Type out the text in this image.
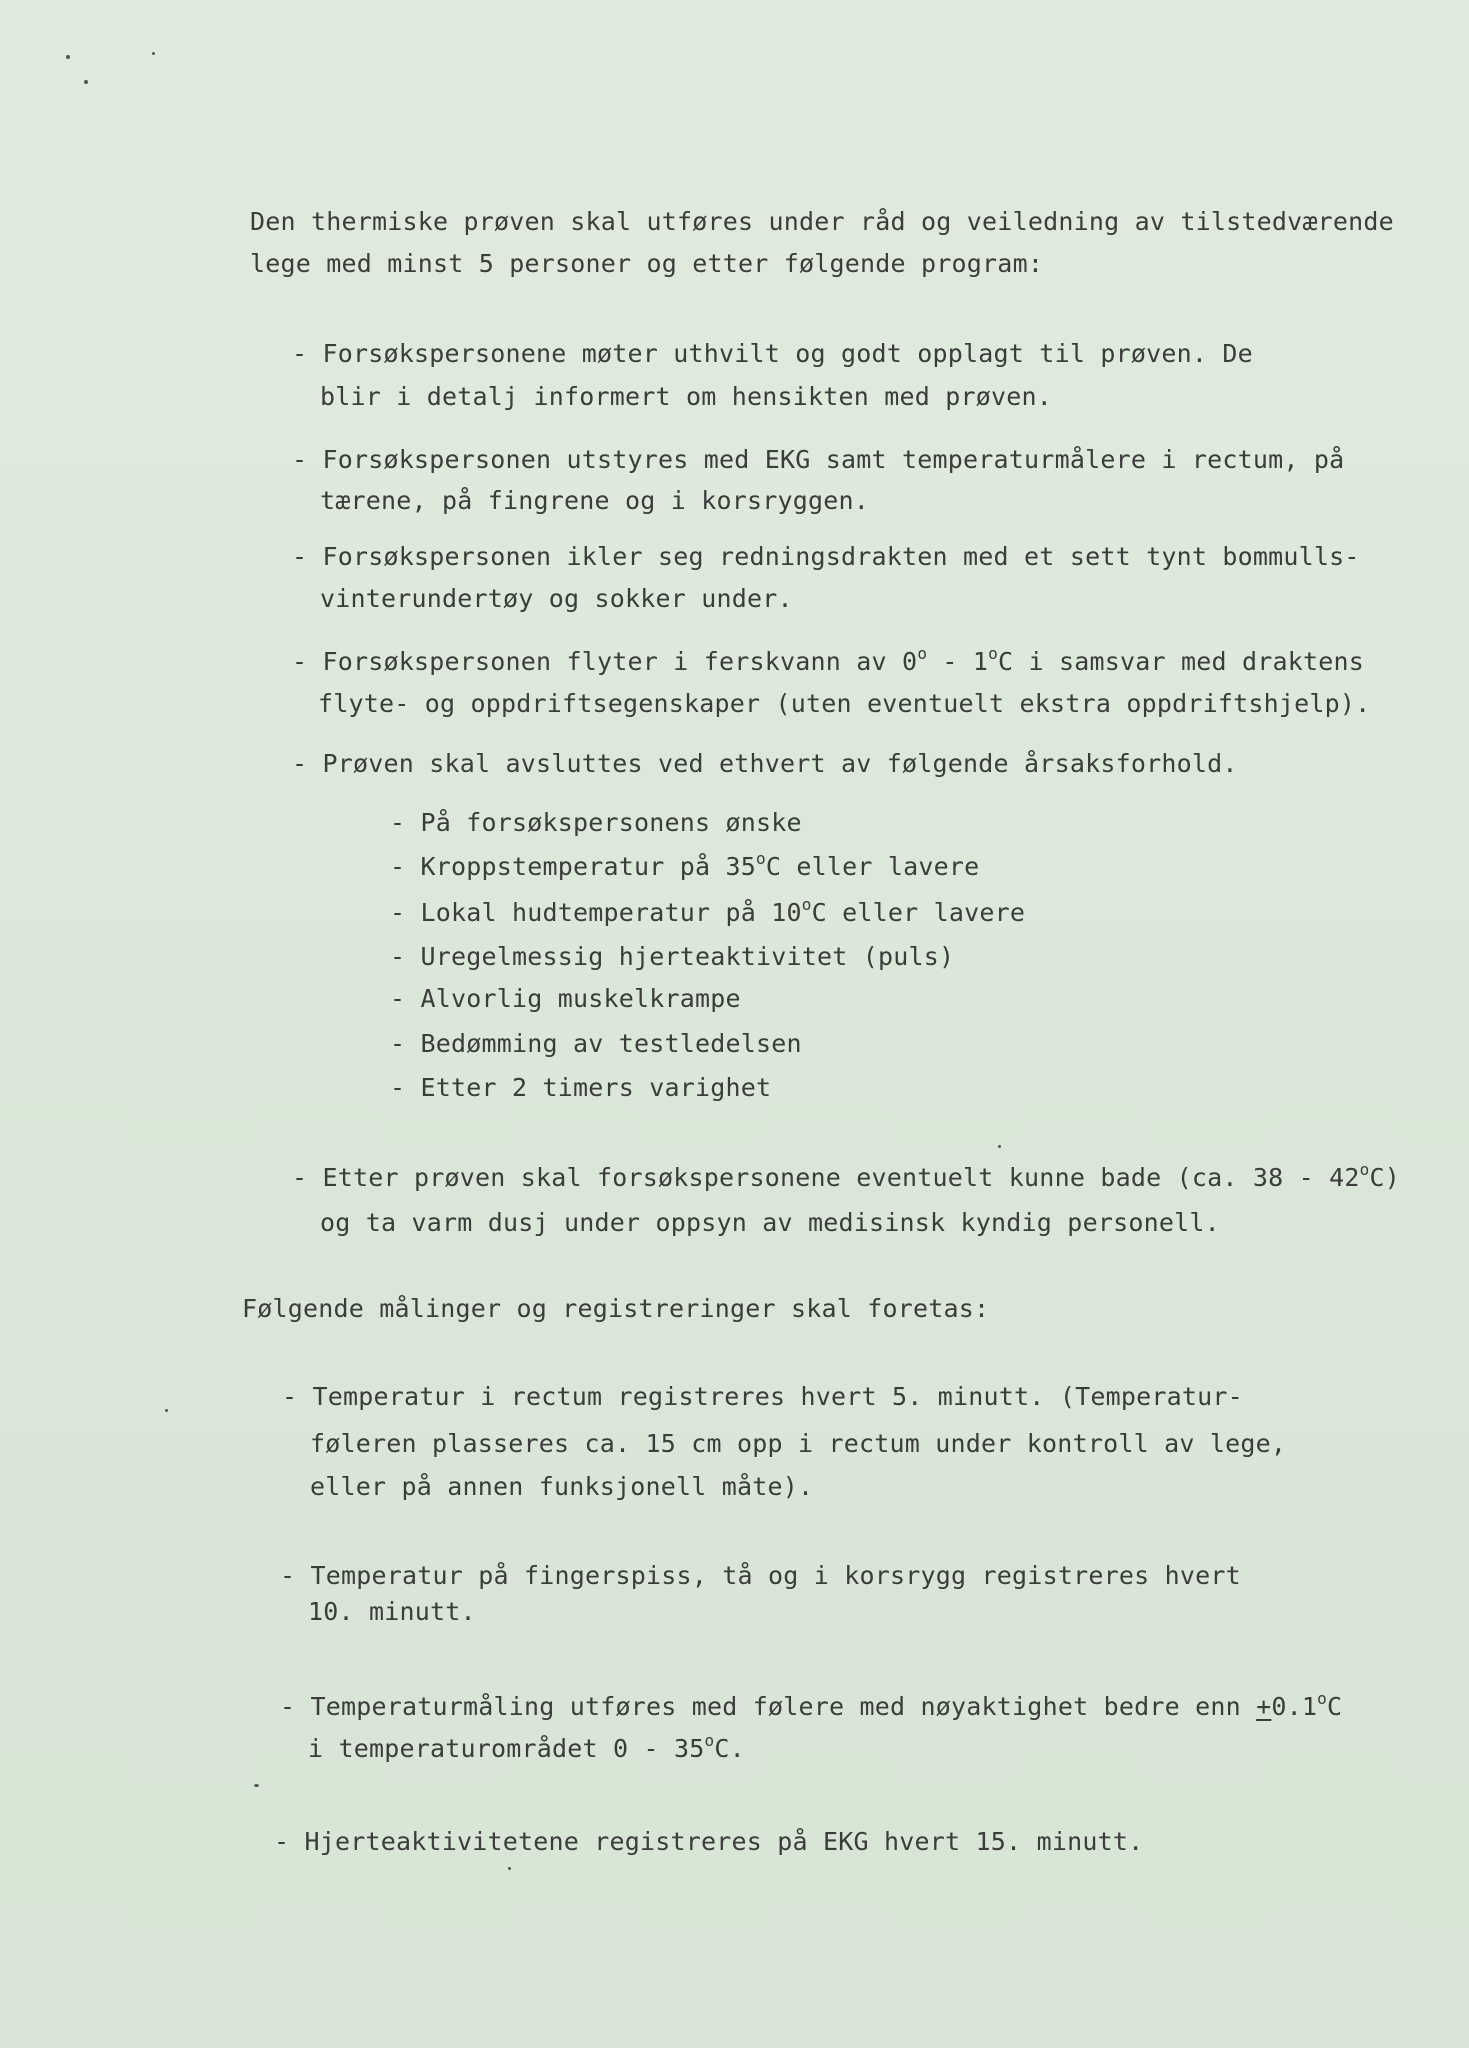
Den thermiske prøven skal utføres under råd og veiledning av tilstedværende
lege med minst 5 personer og etter følgende program:
- Forsøkspersonene møter uthvilt og godt opplagt til prøven. De
blir i detalj informert om hensikten med prøven.
- Forsøkspersonen utstyres med EKG samt temperaturmålere i rectum, på
tærene, på fingrene og i korsryggen.
- Forsøkspersonen ikler seg redningsdrakten med et sett tynt bommulls-
vinterundertøy og sokker under.
- Forsøkspersonen flyter i ferskvann av 0$^o$ - 1$^o$C i samsvar med draktens
flyte- og oppdriftsegenskaper (uten eventuelt ekstra oppdriftshjelp).
- Prøven skal avsluttes ved ethvert av følgende årsaksforhold.
- På forsøkspersonens ønske
- Kroppstemperatur på 35$^o$C eller lavere
- Lokal hudtemperatur på 10$^o$C eller lavere
- Uregelmessig hjerteaktivitet (puls)
- Alvorlig muskelkrampe
- Bedømming av testledelsen
- Etter 2 timers varighet
- Etter prøven skal forsøkspersonene eventuelt kunne bade (ca. 38 - 42$^o$C)
og ta varm dusj under oppsyn av medisinsk kyndig personell.
Følgende målinger og registreringer skal foretas:
- Temperatur i rectum registreres hvert 5. minutt. (Temperatur-
føleren plasseres ca. 15 cm opp i rectum under kontroll av lege,
eller på annen funksjonell måte).
- Temperatur på fingerspiss, tå og i korsrygg registreres hvert
10. minutt.
- Temperaturmåling utføres med følere med nøyaktighet bedre enn $+0.1^oC$
i temperaturområdet 0 - 35$^o$C.
- Hjerteaktivitetene registreres på EKG hvert 15. minutt.
